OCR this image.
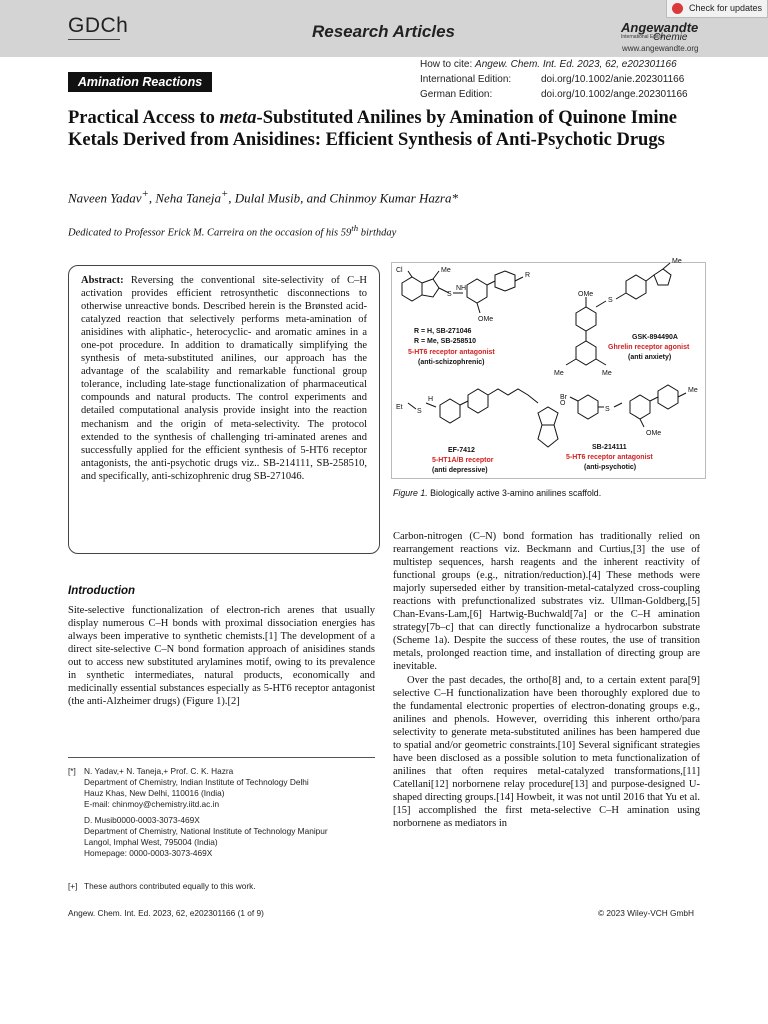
GDCh	Research Articles	Angewandte
International Edition
Chemie
www.angewandte.org
Check for updates
Amination Reactions
How to cite: Angew. Chem. Int. Ed. 2023, 62, e202301166
International Edition:	doi.org/10.1002/anie.202301166
German Edition:	doi.org/10.1002/ange.202301166
Practical Access to meta-Substituted Anilines by Amination of Quinone Imine Ketals Derived from Anisidines: Efficient Synthesis of Anti-Psychotic Drugs
Naveen Yadav+, Neha Taneja+, Dulal Musib, and Chinmoy Kumar Hazra*
Dedicated to Professor Erick M. Carreira on the occasion of his 59th birthday
Abstract: Reversing the conventional site-selectivity of C–H activation provides efficient retrosynthetic disconnections to otherwise unreactive bonds. Described herein is the Brønsted acid-catalyzed reaction that selectively performs meta-amination of anisidines with aliphatic-, heterocyclic- and aromatic amines in a one-pot procedure. In addition to dramatically simplifying the synthesis of meta-substituted anilines, our approach has the advantage of the scalability and remarkable functional group tolerance, including late-stage functionalization of pharmaceutical compounds and natural products. The control experiments and detailed computational analysis provide insight into the reaction mechanism and the origin of meta-selectivity. The protocol extended to the synthesis of challenging tri-aminated arenes and successfully applied for the efficient synthesis of 5-HT6 receptor antagonists, the anti-psychotic drugs viz.. SB-214111, SB-258510, and specifically, anti-schizophrenic drug SB-271046.
Cl	Me
S
NH
R
OMe
Me
S
OMe
Me	Me
Et
S
H
O
Br
S
Me
OMe
R = H, SB-271046
R = Me, SB-258510
5-HT6 receptor antagonist
(anti-schizophrenic)
GSK-894490A
Ghrelin receptor agonist
(anti anxiety)
EF-7412
5-HT1A/B receptor
(anti depressive)
SB-214111
5-HT6 receptor antagonist
(anti-psychotic)
Figure 1. Biologically active 3-amino anilines scaffold.
Introduction

Site-selective functionalization of electron-rich arenes that usually display numerous C–H bonds with proximal dissociation energies has always been imperative to synthetic chemists.[1] The development of a direct site-selective C–N bond formation approach of anisidines stands out to access new substituted arylamines motif, owing to its prevalence in synthetic intermediates, natural products, economically and medicinally essential substances especially as 5-HT6 receptor antagonist (the anti-Alzheimer drugs) (Figure 1).[2]

[*] N. Yadav,+ N. Taneja,+ Prof. C. K. Hazra
Department of Chemistry, Indian Institute of Technology Delhi
Hauz Khas, New Delhi, 110016 (India)
E-mail: chinmoy@chemistry.iitd.ac.in
D. Musib0000-0003-3073-469X
Department of Chemistry, National Institute of Technology Manipur
Langol, Imphal West, 795004 (India)
Homepage: 0000-0003-3073-469X
[+] These authors contributed equally to this work.

Carbon-nitrogen (C–N) bond formation has traditionally relied on rearrangement reactions viz. Beckmann and Curtius,[3] the use of multistep sequences, harsh reagents and the inherent reactivity of functional groups (e.g., nitration/reduction).[4] These methods were majorly superseded either by transition-metal-catalyzed cross-coupling reactions with prefunctionalized substrates viz. Ullman-Goldberg,[5] Chan-Evans-Lam,[6] Hartwig-Buchwald[7a] or the C–H amination strategy[7b–c] that can directly functionalize a hydrocarbon substrate (Scheme 1a). Despite the success of these routes, the use of transition metals, prolonged reaction time, and installation of directing group are inevitable.

Over the past decades, the ortho[8] and, to a certain extent para[9] selective C–H functionalization have been thoroughly explored due to the fundamental electronic properties of electron-donating groups e.g., anilines and phenols. However, overriding this inherent ortho/para selectivity to generate meta-substituted anilines has been hampered due to spatial and/or geometric constraints.[10] Several significant strategies have been disclosed as a possible solution to meta functionalization of anilines that often requires metal-catalyzed transformations,[11] Catellani[12] norbornene relay procedure[13] and purpose-designed U-shaped directing groups.[14] Howbeit, it was not until 2016 that Yu et al.[15] accomplished the first meta-selective C–H amination using norbornene as mediators in

Angew. Chem. Int. Ed. 2023, 62, e202301166 (1 of 9)	© 2023 Wiley-VCH GmbH
